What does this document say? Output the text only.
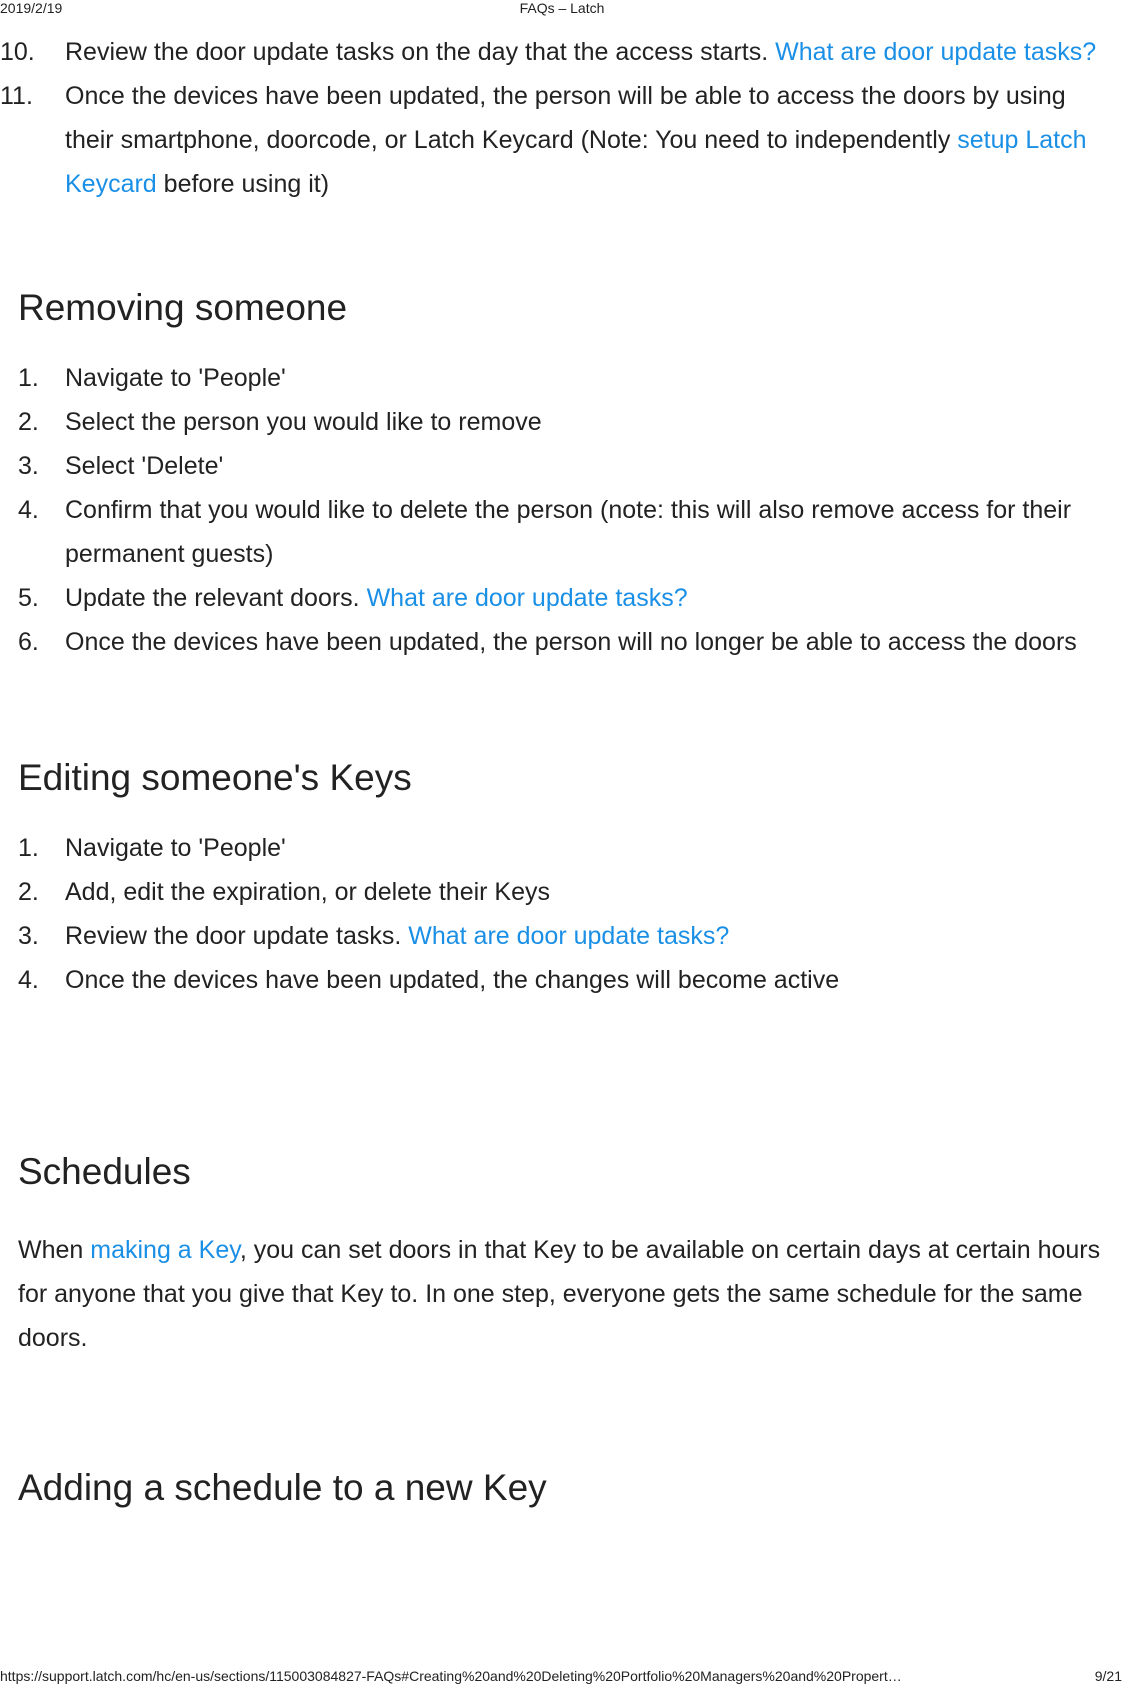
2019/2/19	FAQs – Latch
10. Review the door update tasks on the day that the access starts. What are door update tasks?
11. Once the devices have been updated, the person will be able to access the doors by using their smartphone, doorcode, or Latch Keycard (Note: You need to independently setup Latch Keycard before using it)
Removing someone
1. Navigate to 'People'
2. Select the person you would like to remove
3. Select 'Delete'
4. Confirm that you would like to delete the person (note: this will also remove access for their permanent guests)
5. Update the relevant doors. What are door update tasks?
6. Once the devices have been updated, the person will no longer be able to access the doors
Editing someone's Keys
1. Navigate to 'People'
2. Add, edit the expiration, or delete their Keys
3. Review the door update tasks. What are door update tasks?
4. Once the devices have been updated, the changes will become active
Schedules

When making a Key, you can set doors in that Key to be available on certain days at certain hours for anyone that you give that Key to. In one step, everyone gets the same schedule for the same doors.

Adding a schedule to a new Key
https://support.latch.com/hc/en-us/sections/115003084827-FAQs#Creating%20and%20Deleting%20Portfolio%20Managers%20and%20Propert…	9/21
